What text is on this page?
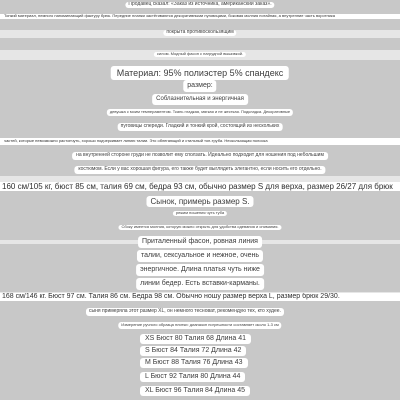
Продавец сказал: «Заказ из источника, американский заказ».
Тонкий материал, немного напоминающий фактуру брюк. Передние планки застёгиваются декоративными пуговицами, боковая молния потайная, а внутренние часть воротника
покрыта противоскользящим
силом. Модный фасон с нагрудной вышивкой.
Материал: 95% полиэстер 5% спандекс
размер:
Соблазнительная и энергичная
девушка с моим темпераментом. Ткань гладкая, мягкая и не жесткая. Подкладка. Декоративные
пуговицы спереди. Гладкий и тонкий крой, состоящий из нескольких
частей, которые невозможно растопчуть, хорошо подчеркивает линию талии. Это облегающий и стильный топ-труба. Нескользящая полоска
на внутренней стороне груди не позволит ему сползать. Идеально подходит для ношения под небольшим
костюмом. Если у вас хорошая фигура, его также будет выглядеть элегантно, если носить его отдельно.
160 см/105 кг, бюст 85 см, талия 69 см, бедра 93 см, обычно размер S для верха, размер 26/27 для брюк
Сынок, примерь размер S.
режим ношения чуть туба
Сбоку имеется молния, которую можно открыть для удобства одевания и снимания.
Приталенный фасон, ровная линия
талии, сексуальное и нежное, очень
энергичное. Длина платья чуть ниже
линии бедер. Есть вставки-карманы.
168 см/146 кг. Бюст 97 см. Талия 86 см. Бедра 98 см. Обычно ношу размер верха L, размер брюк 29/30.
сыня примеряла этот размер XL, он немного тесноват, рекомендую тех, кто худее.
Измерение ручного образца плитки: диапазон погрешности составляет около 1-3 см
XS Бюст 80 Талия 68 Длина 41
S Бюст 84 Талия 72 Длина 42
M Бюст 88 Талия 76 Длина 43
L Бюст 92 Талия 80 Длина 44
XL Бюст 96 Талия 84 Длина 45
